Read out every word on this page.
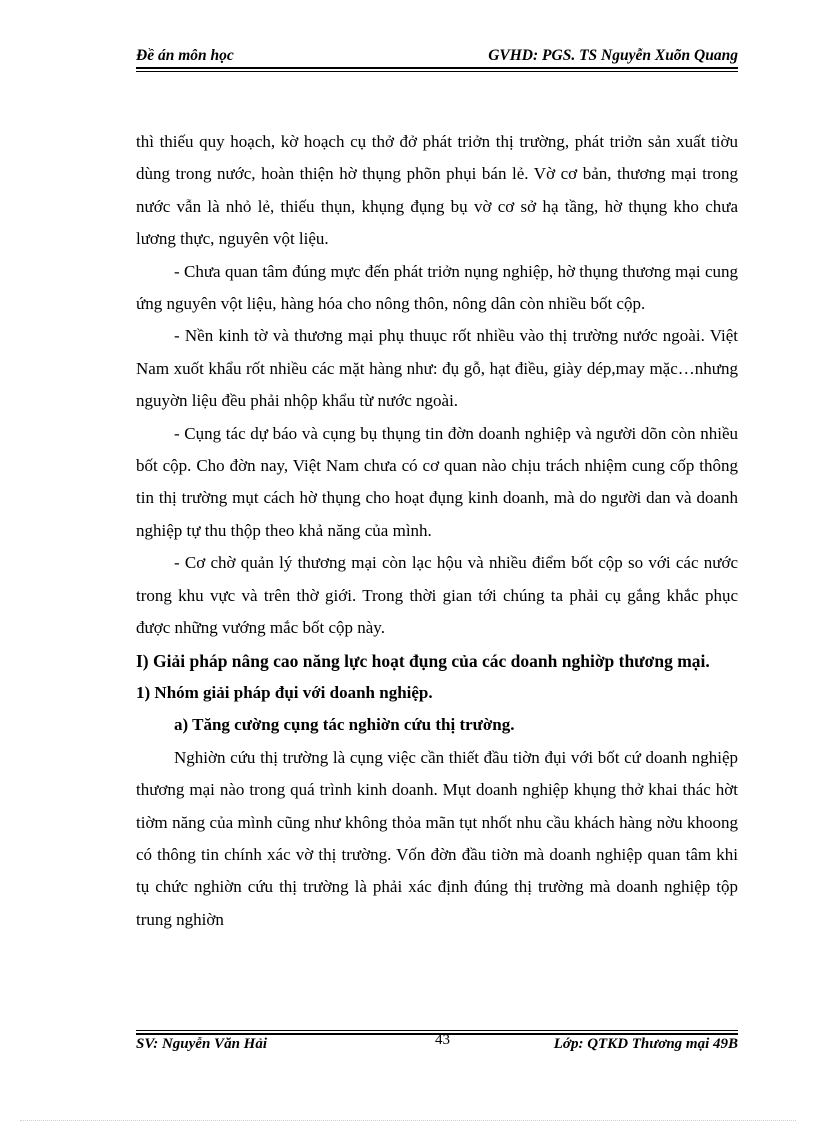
Đề án môn học	GVHD: PGS. TS Nguyễn Xuõn Quang

thì thiếu quy hoạch, kờ hoạch cụ thở đở phát triởn thị trường, phát triởn sản xuất tiờu dùng trong nước, hoàn thiện hờ thụng phõn phụi bán lẻ. Vờ cơ bản, thương mại trong nước vẫn là nhỏ lẻ, thiếu thụn, khụng đụng bụ vờ cơ sở hạ tầng, hờ thụng kho chưa lương thực, nguyên vột liệu.

- Chưa quan tâm đúng mực đến phát triởn nụng nghiệp, hờ thụng thương mại cung ứng nguyên vột liệu, hàng hóa cho nông thôn, nông dân còn nhiều bốt cộp.

- Nền kinh tờ và thương mại phụ thuục rốt nhiều vào thị trường nước ngoài. Việt Nam xuốt khẩu rốt nhiều các mặt hàng như: đụ gỗ, hạt điều, giày dép,may mặc…nhưng nguyờn liệu đều phải nhộp khẩu từ nước ngoài.

- Cụng tác dự báo và cụng bụ thụng tin đờn doanh nghiệp và người dõn còn nhiều bốt cộp. Cho đờn nay, Việt Nam chưa có cơ quan nào chịu trách nhiệm cung cốp thông tin thị trường mụt cách hờ thụng cho hoạt đụng kinh doanh, mà do người dan và doanh nghiệp tự thu thộp theo khả năng của mình.

- Cơ chờ quản lý thương mại còn lạc hộu và nhiều điểm bốt cộp so với các nước trong khu vực và trên thờ giới. Trong thời gian tới chúng ta phải cụ gắng khắc phục được những vướng mắc bốt cộp này.

I) Giải pháp nâng cao năng lực hoạt đụng của các doanh nghiờp thương mại.

1) Nhóm giải pháp đụi với doanh nghiệp.

a) Tăng cường cụng tác nghiờn cứu thị trường.

Nghiờn cứu thị trường là cụng việc cần thiết đầu tiờn đụi với bốt cứ doanh nghiệp thương mại nào trong quá trình kinh doanh. Mụt doanh nghiệp khụng thở khai thác hờt tiờm năng của mình cũng như không thỏa mãn tụt nhốt nhu cầu khách hàng nờu khoong có thông tin chính xác vờ thị trường. Vốn đờn đầu tiờn mà doanh nghiệp quan tâm khi tụ chức nghiờn cứu thị trường là phải xác định đúng thị trường mà doanh nghiệp tộp trung nghiờn

SV: Nguyễn Văn Hải	43	Lớp: QTKD Thương mại 49B
